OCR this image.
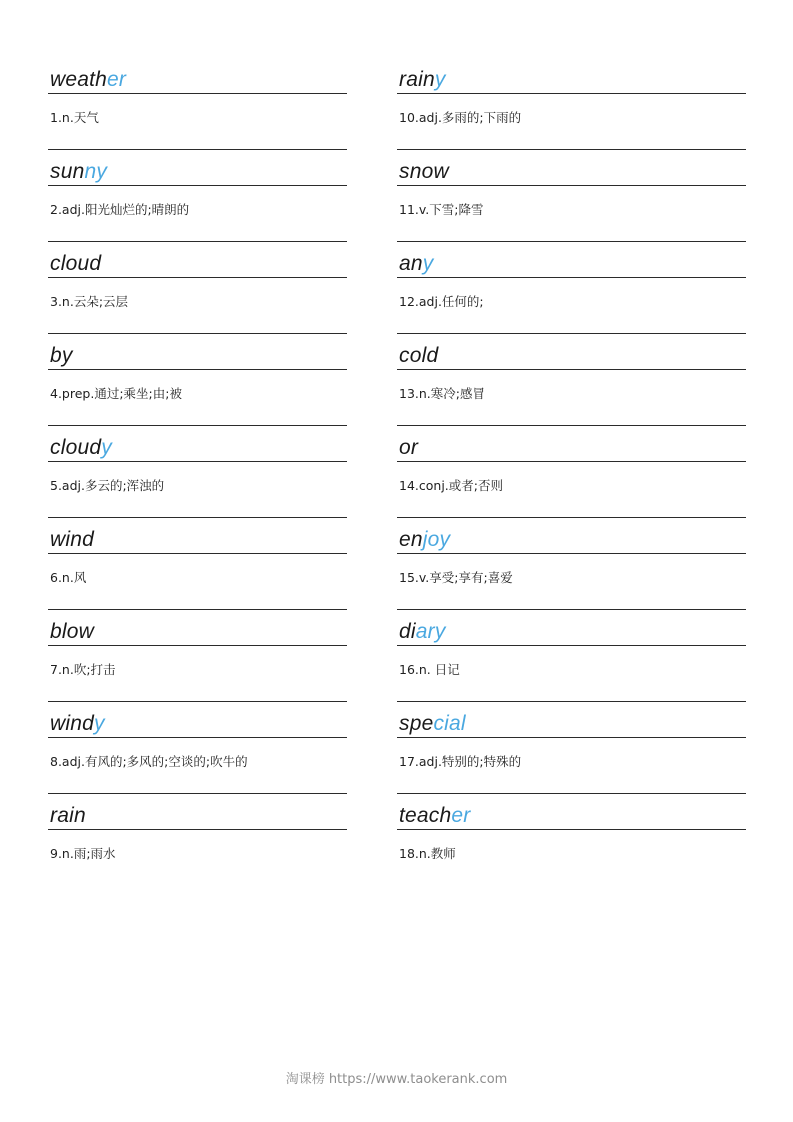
weather
1.n.天气
sunny
2.adj.阳光灿烂的;晴朗的
cloud
3.n.云朵;云层
by
4.prep.通过;乘坐;由;被
cloudy
5.adj.多云的;浑浊的
wind
6.n.风
blow
7.n.吹;打击
windy
8.adj.有风的;多风的;空谈的;吹牛的
rain
9.n.雨;雨水
rainy
10.adj.多雨的;下雨的
snow
11.v.下雪;降雪
any
12.adj.任何的;
cold
13.n.寒冷;感冒
or
14.conj.或者;否则
enjoy
15.v.享受;享有;喜爱
diary
16.n. 日记
special
17.adj.特别的;特殊的
teacher
18.n.教师
淘课榜 https://www.taokerank.com
